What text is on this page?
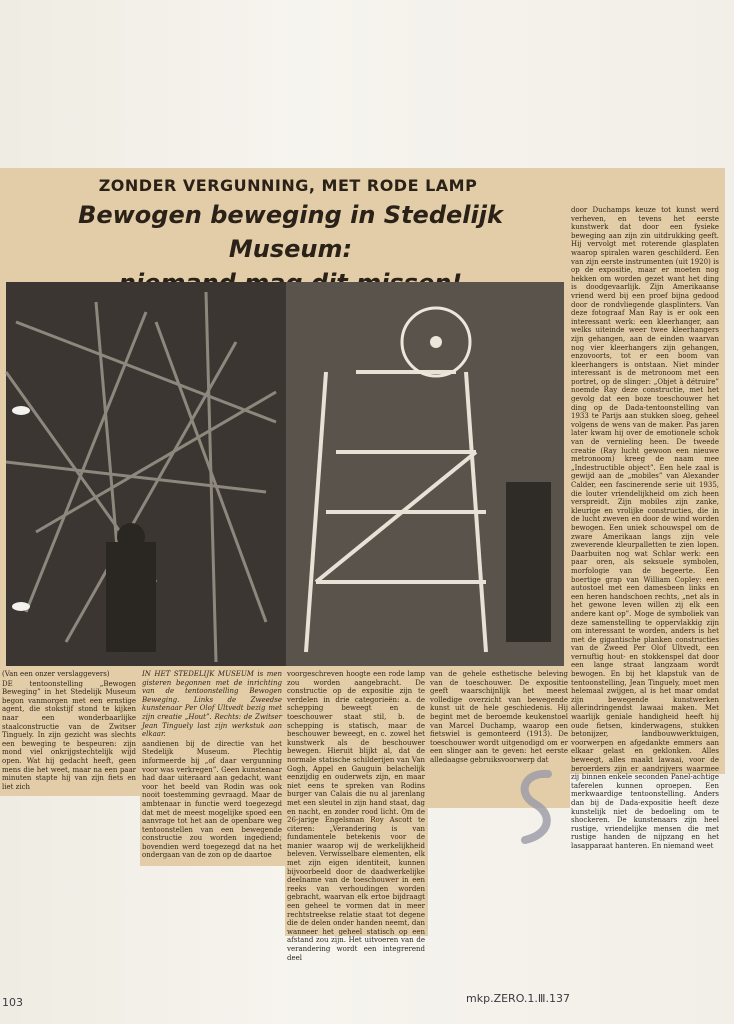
ZONDER VERGUNNING, MET RODE LAMP
Bewogen beweging in Stedelijk Museum:

(Van een onzer verslaggevers)

DE tentoonstelling „Bewogen Beweging” in het Stedelijk Museum begon vanmorgen met een ernstige agent, die stokstijf stond te kijken naar een wonderbaarlijke staalconstructie van de Zwitser Tinguely. In zijn gezicht was slechts een beweging te bespeuren: zijn mond viel onkrijgstechtelijk wijd open. Wat hij gedacht heeft, geen mens die het weet, maar na een paar minuten stapte hij van zijn fiets en liet zich

IN HET STEDELIJK MUSEUM is men gisteren begonnen met de inrichting van de tentoonstelling Bewogen Beweging. Links de Zweedse kunstenaar Per Olof Ultvedt bezig met zijn creatie „Hout”. Rechts: de Zwitser Jean Tinguely last zijn werkstuk aan elkaar.

aandienen bij de directie van het Stedelijk Museum. Plechtig informeerde hij „of daar vergunning voor was verkregen”. Geen kunstenaar had daar uiteraard aan gedacht, want voor het beeld van Rodin was ook nooit toestemming gevraagd. Maar de ambtenaar in functie werd toegezegd dat met de meest mogelijke spoed een aanvrage tot het aan de openbare weg tentoonstellen van een bewegende constructie zou worden ingediend; bovendien werd toegezegd dat na het ondergaan van de zon op de daartoe

voorgeschreven hoogte een rode lamp zou worden aangebracht. De constructie op de expositie zijn te verdelen in drie categorieën: a. de schepping beweegt en de toeschouwer staat stil, b. de schepping is statisch, maar de beschouwer beweegt, en c. zowel het kunstwerk als de beschouwer bewegen. Hieruit blijkt al, dat de normale statische schilderijen van Van Gogh, Appel en Gauguin belachelijk eenzijdig en ouderwets zijn, en maar niet eens te spreken van Rodins burger van Calais die nu al jarenlang met een sleutel in zijn hand staat, dag en nacht, en zonder rood licht. Om de 26-jarige Engelsman Roy Ascott te citeren: „Verandering is van fundamentele betekenis voor de manier waarop wij de werkelijkheid beleven. Verwisselbare elementen, elk met zijn eigen identiteit, kunnen bijvoorbeeld door de daadwerkelijke deelname van de toeschouwer in een reeks van verhoudingen worden gebracht, waarvan elk ertoe bijdraagt een geheel te vormen dat in meer rechtstreekse relatie staat tot degene die de delen onder handen neemt, dan wanneer het geheel statisch op een afstand zou zijn. Het uitvoeren van de verandering wordt een integrerend deel

van de gehele esthetische beleving van de toeschouwer. De expositie geeft waarschijnlijk het meest volledige overzicht van bewegende kunst uit de hele geschiedenis. Hij begint met de beroemde keukenstoel van Marcel Duchamp, waarop een fietswiel is gemonteerd (1913). De toeschouwer wordt uitgenodigd om er een slinger aan te geven: het eerste alledaagse gebruiksvoorwerp dat

door Duchamps keuze tot kunst werd verheven, en tevens het eerste kunstwerk dat door een fysieke beweging aan zijn zin uitdrukking geeft. Hij vervolgt met roterende glasplaten waarop spiralen waren geschilderd. Een van zijn eerste instrumenten (uit 1920) is op de expositie, maar er moeten nog hekken om worden gezet want het ding is doodgevaarlijk. Zijn Amerikaanse vriend werd bij een proef bijna gedood door de rondvliegende glasplinters. Van deze fotograaf Man Ray is er ook een interessant werk: een kleerhanger, aan welks uiteinde weer twee kleerhangers zijn gehangen, aan de einden waarvan nog vier kleerhangers zijn gehangen, enzovoorts, tot er een boom van kleerhangers is ontstaan. Niet minder interessant is de metronoom met een portret, op de slinger: „Objet à détruire” noemde Ray deze constructie, met het gevolg dat een boze toeschouwer het ding op de Dada-tentoonstelling van 1933 te Parijs aan stukken sloeg, geheel volgens de wens van de maker. Pas jaren later kwam hij over de emotionele schok van de vernieling heen. De tweede creatie (Ray lucht gewoon een nieuwe metronoom) kreeg de naam mee „Indestructible object”. Een hele zaal is gewijd aan de „mobiles” van Alexander Calder, een fascinerende serie uit 1935, die louter vriendelijkheid om zich heen verspreidt. Zijn mobiles zijn zanke, kleurige en vrolijke constructies, die in de lucht zweven en door de wind worden bewogen. Een uniek schouwspel om de zware Amerikaan langs zijn vele zweverende kleurpalletten te zien lopen. Daarbuiten nog wat Schlar werk: een paar oren, als seksuele symbolen, morfologie van de begeerte. Een boertige grap van William Copley: een autostoel met een damesbeen links en een heren handschoen rechts, „net als in het gewone leven willen zij elk een andere kant op”. Moge de symboliek van deze samenstelling te oppervlakkig zijn om interessant te worden, anders is het met de gigantische planken constructies van de Zweed Per Olof Ultvedt, een vernuftig hout- en stokkenspel dat door een lange straat langzaam wordt bewogen. En bij het klapstuk van de tentoonstelling, Jean Tinguely, moet men helemaal zwijgen, al is het maar omdat zijn bewegende kunstwerken allerindringendst lawaai maken. Met waarlijk geniale handigheid heeft hij oude fietsen, kinderwagens, stukken betonijzer, landbouwwerktuigen, voorwerpen en afgedankte emmers aan elkaar gelast en geklonken. Alles beweegt, alles maakt lawaai, voor de beroerders zijn er aandrijvers waarmee zij binnen enkele seconden Panel-achtige taferelen kunnen oproepen. Een merkwaardige tentoonstelling. Anders dan bij de Dada-expositie heeft deze kunstelijk niet de bedoeling om te shockeren. De kunstenaars zijn heel rustige, vriendelijke mensen die met rustige handen de nijpzang en het lasapparaat hanteren. En niemand weet

103	mkp.ZERO.1.Ⅲ.137
